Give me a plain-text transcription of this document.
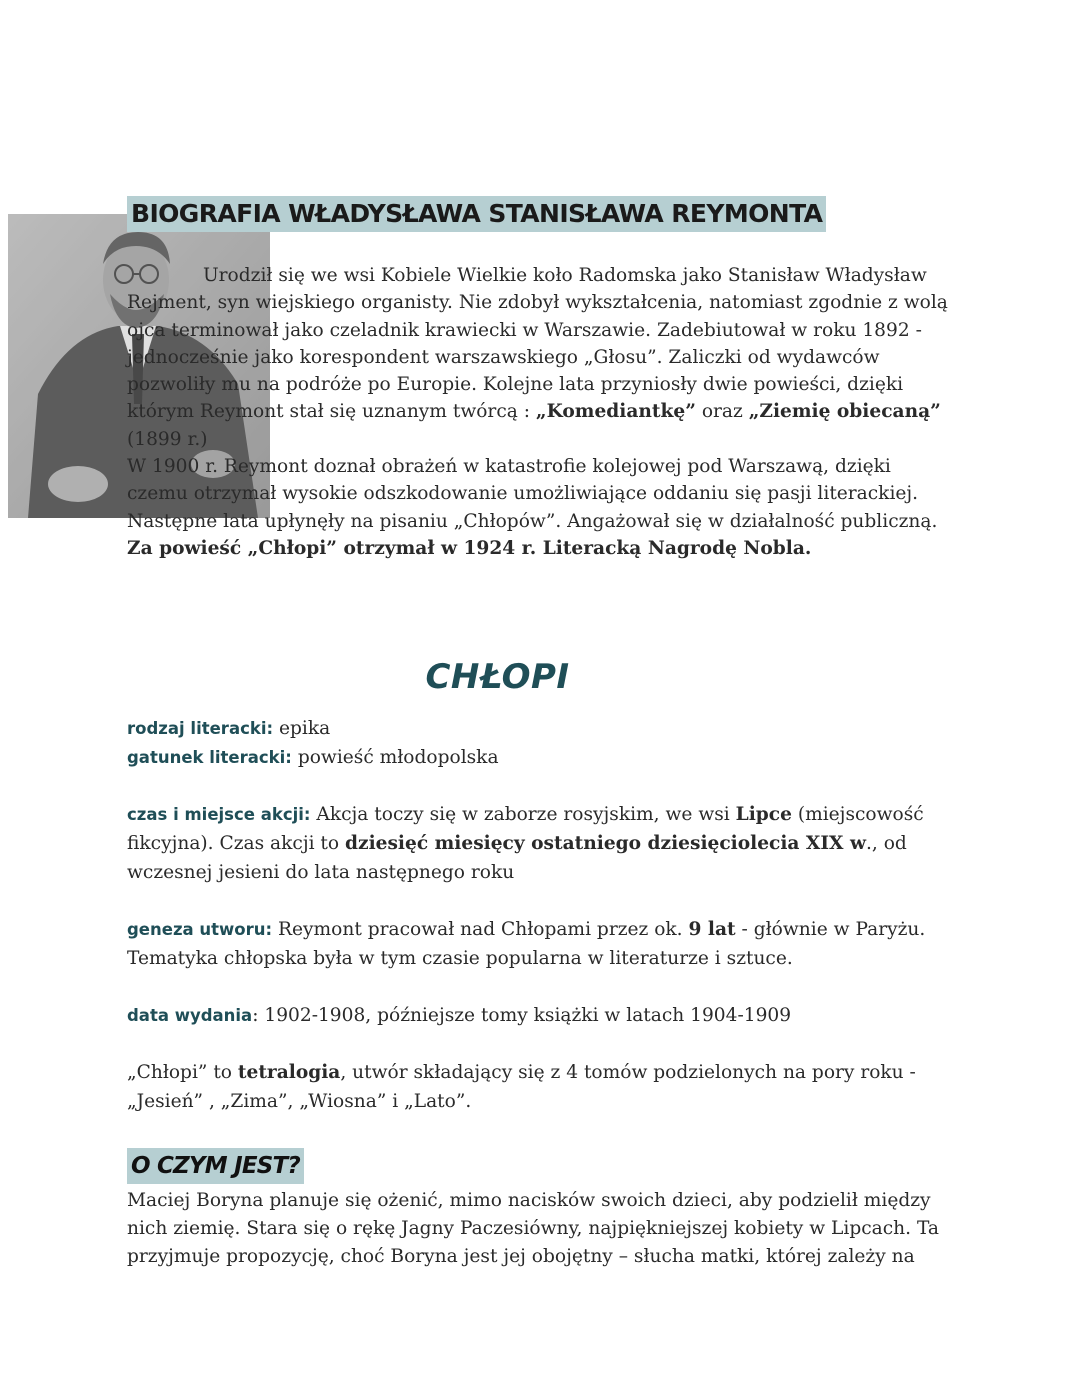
BIOGRAFIA WŁADYSŁAWA STANISŁAWA REYMONTA

Urodził się we wsi Kobiele Wielkie koło Radomska jako Stanisław Władysław Rejment, syn wiejskiego organisty. Nie zdobył wykształcenia, natomiast zgodnie z wolą ojca terminował jako czeladnik krawiecki w Warszawie. Zadebiutował w roku 1892 - jednocześnie jako korespondent warszawskiego „Głosu”. Zaliczki od wydawców pozwoliły mu na podróże po Europie. Kolejne lata przyniosły dwie powieści, dzięki którym Reymont stał się uznanym twórcą : „Komediantkę” oraz „Ziemię obiecaną” (1899 r.)

W 1900 r. Reymont doznał obrażeń w katastrofie kolejowej pod Warszawą, dzięki czemu otrzymał wysokie odszkodowanie umożliwiające oddaniu się pasji literackiej. Następne lata upłynęły na pisaniu „Chłopów”. Angażował się w działalność publiczną.

Za powieść „Chłopi” otrzymał w 1924 r. Literacką Nagrodę Nobla.

CHŁOPI

rodzaj literacki: epika

gatunek literacki: powieść młodopolska

czas i miejsce akcji: Akcja toczy się w zaborze rosyjskim, we wsi Lipce (miejscowość fikcyjna). Czas akcji to dziesięć miesięcy ostatniego dziesięciolecia XIX w., od wczesnej jesieni do lata następnego roku

geneza utworu: Reymont pracował nad Chłopami przez ok. 9 lat - głównie w Paryżu. Tematyka chłopska była w tym czasie popularna w literaturze i sztuce.

data wydania: 1902-1908, późniejsze tomy książki w latach 1904-1909

„Chłopi” to tetralogia, utwór składający się z 4 tomów podzielonych na pory roku - „Jesień” , „Zima”, „Wiosna” i „Lato”.

O CZYM JEST?

Maciej Boryna planuje się ożenić, mimo nacisków swoich dzieci, aby podzielił między nich ziemię. Stara się o rękę Jagny Paczesiówny, najpiękniejszej kobiety w Lipcach. Ta przyjmuje propozycję, choć Boryna jest jej obojętny – słucha matki, której zależy na
